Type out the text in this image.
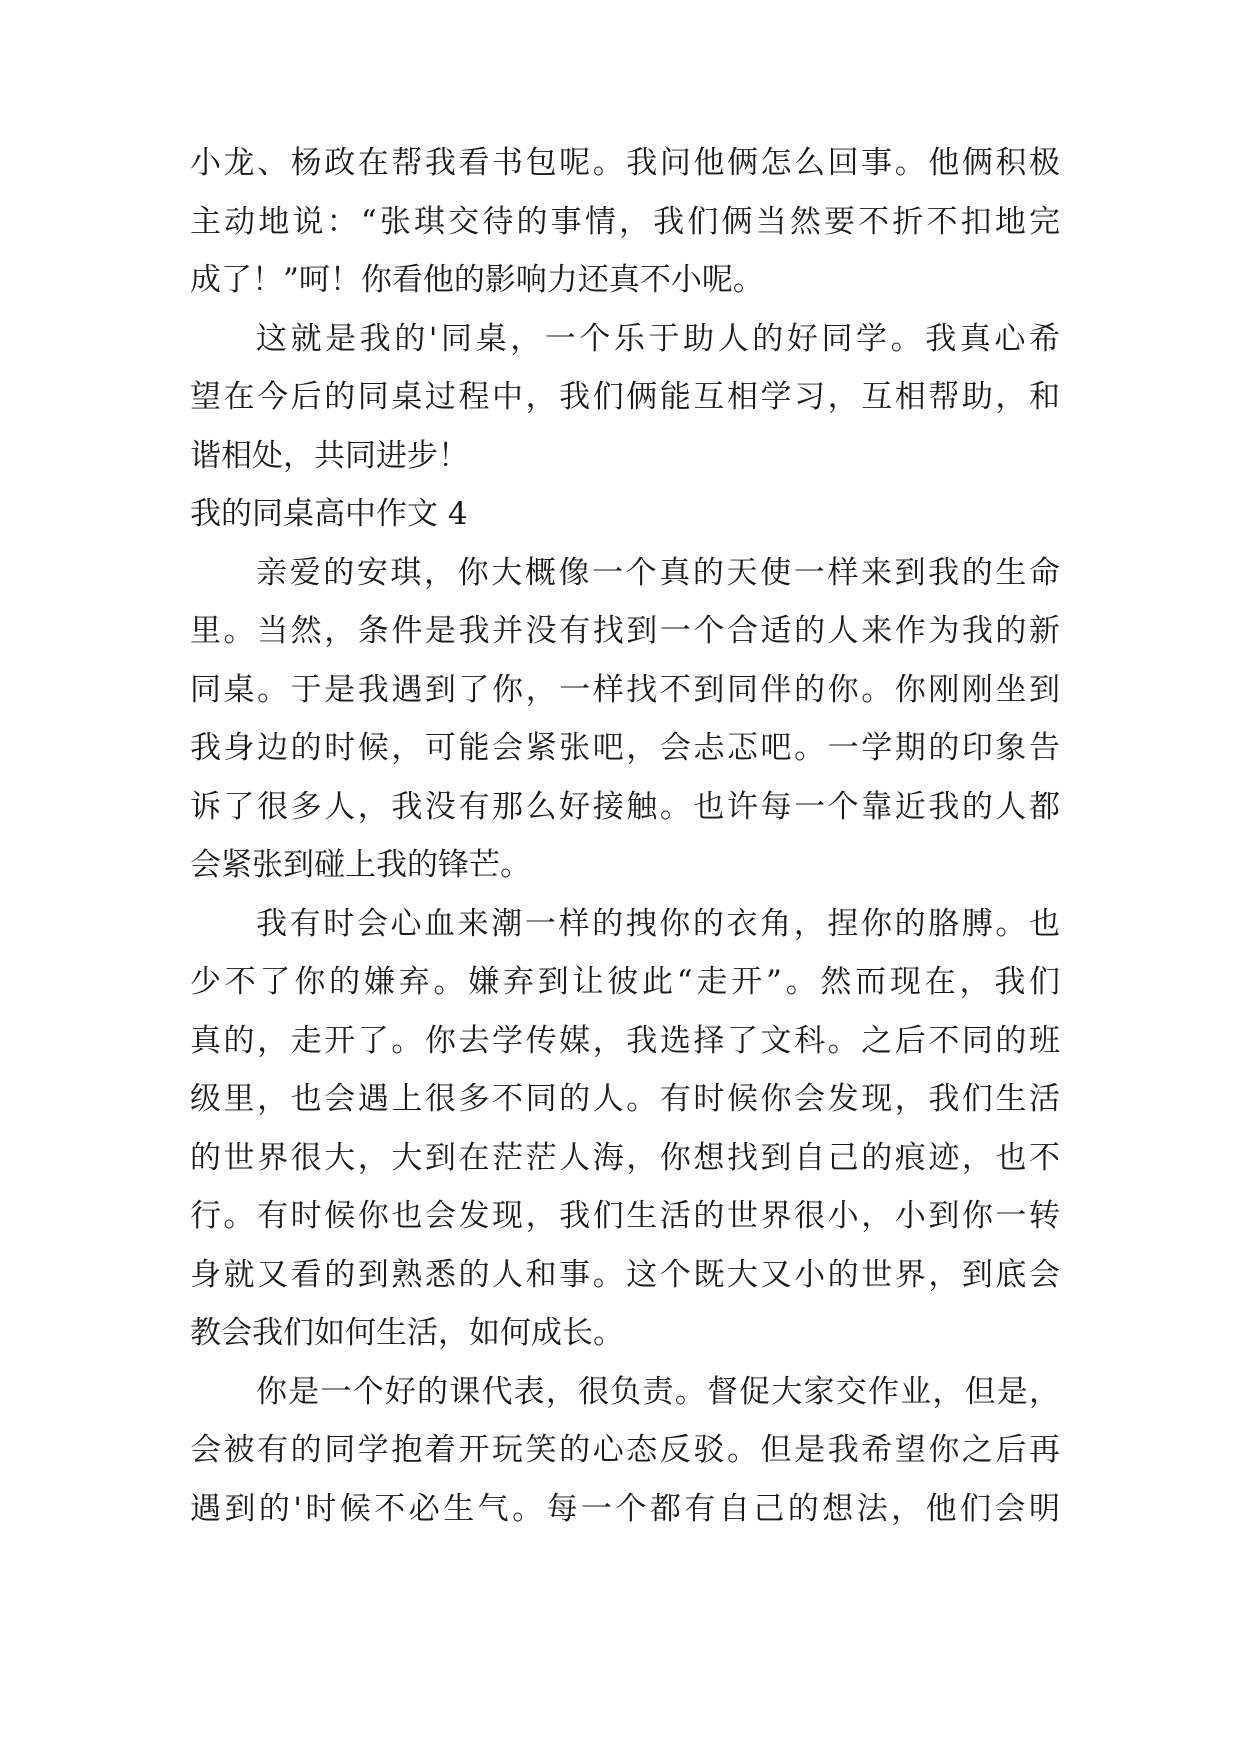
小龙、杨政在帮我看书包呢。我问他俩怎么回事。他俩积极
主动地说：“张琪交待的事情，我们俩当然要不折不扣地完
成了！”呵！你看他的影响力还真不小呢。
这就是我的'同桌，一个乐于助人的好同学。我真心希
望在今后的同桌过程中，我们俩能互相学习，互相帮助，和
谐相处，共同进步！
我的同桌高中作文 4
亲爱的安琪，你大概像一个真的天使一样来到我的生命
里。当然，条件是我并没有找到一个合适的人来作为我的新
同桌。于是我遇到了你，一样找不到同伴的你。你刚刚坐到
我身边的时候，可能会紧张吧，会忐忑吧。一学期的印象告
诉了很多人，我没有那么好接触。也许每一个靠近我的人都
会紧张到碰上我的锋芒。
我有时会心血来潮一样的拽你的衣角，捏你的胳膊。也
少不了你的嫌弃。嫌弃到让彼此“走开”。然而现在，我们
真的，走开了。你去学传媒，我选择了文科。之后不同的班
级里，也会遇上很多不同的人。有时候你会发现，我们生活
的世界很大，大到在茫茫人海，你想找到自己的痕迹，也不
行。有时候你也会发现，我们生活的世界很小，小到你一转
身就又看的到熟悉的人和事。这个既大又小的世界，到底会
教会我们如何生活，如何成长。
你是一个好的课代表，很负责。督促大家交作业，但是，
会被有的同学抱着开玩笑的心态反驳。但是我希望你之后再
遇到的'时候不必生气。每一个都有自己的想法，他们会明
